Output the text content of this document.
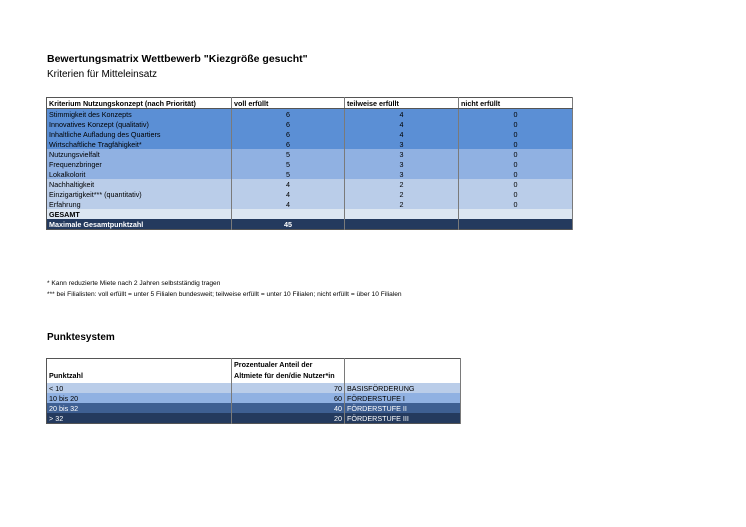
Bewertungsmatrix Wettbewerb "Kiezgröße gesucht"
Kriterien für Mitteleinsatz
Kriterium Nutzungskonzept (nach Priorität)	voll erfüllt	teilweise erfüllt	nicht erfüllt
Stimmigkeit des Konzepts	6	4	0
Innovatives Konzept (qualitativ)	6	4	0
Inhaltliche Aufladung des Quartiers	6	4	0
Wirtschaftliche Tragfähigkeit*	6	3	0
Nutzungsvielfalt	5	3	0
Frequenzbringer	5	3	0
Lokalkolorit	5	3	0
Nachhaltigkeit	4	2	0
Einzigartigkeit*** (quantitativ)	4	2	0
Erfahrung	4	2	0
GESAMT			
Maximale Gesamtpunktzahl	45		
* Kann reduzierte Miete nach 2 Jahren selbstständig tragen
*** bei Filialisten: voll erfüllt = unter 5 Filialen bundesweit; teilweise erfüllt = unter 10 Filialen; nicht erfüllt = über 10 Filialen
Punktesystem
Punktzahl	Prozentualer Anteil der Altmiete für den/die Nutzer*in	
< 10	70	BASISFÖRDERUNG
10 bis 20	60	FÖRDERSTUFE I
20 bis 32	40	FÖRDERSTUFE II
> 32	20	FÖRDERSTUFE III
